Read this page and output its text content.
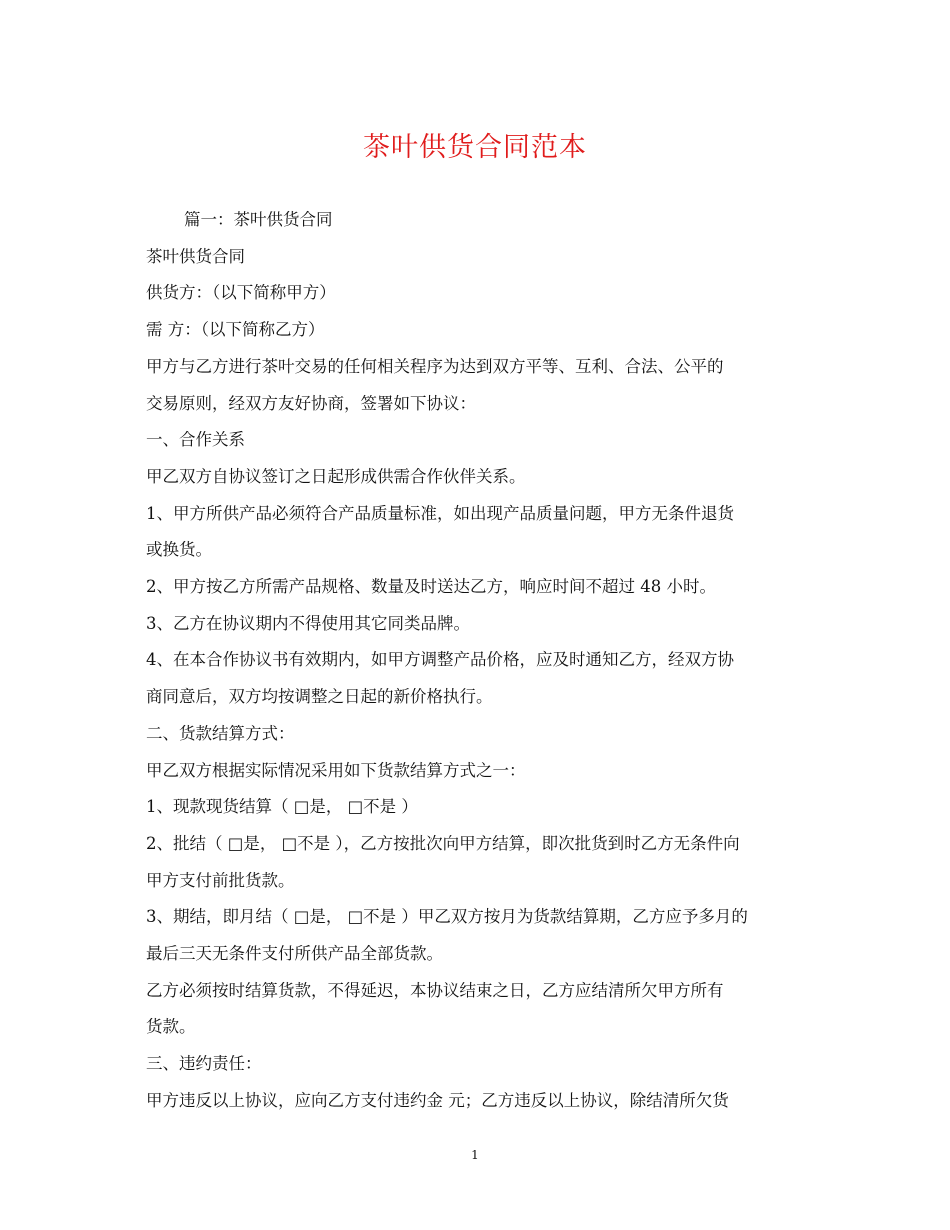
茶叶供货合同范本

篇一：茶叶供货合同

茶叶供货合同

供货方：（以下简称甲方）

需 方：（以下简称乙方）

甲方与乙方进行茶叶交易的任何相关程序为达到双方平等、互利、合法、公平的

交易原则，经双方友好协商，签署如下协议：

一、合作关系

甲乙双方自协议签订之日起形成供需合作伙伴关系。

1、甲方所供产品必须符合产品质量标准，如出现产品质量问题，甲方无条件退货

或换货。

2、甲方按乙方所需产品规格、数量及时送达乙方，响应时间不超过 48 小时。

3、乙方在协议期内不得使用其它同类品牌。

4、在本合作协议书有效期内，如甲方调整产品价格，应及时通知乙方，经双方协

商同意后，双方均按调整之日起的新价格执行。

二、货款结算方式：

甲乙双方根据实际情况采用如下货款结算方式之一：

1、现款现货结算（ □是， □不是 ）

2、批结（ □是， □不是 ），乙方按批次向甲方结算，即次批货到时乙方无条件向

甲方支付前批货款。

3、期结，即月结（ □是， □不是 ）甲乙双方按月为货款结算期，乙方应予多月的

最后三天无条件支付所供产品全部货款。

乙方必须按时结算货款，不得延迟，本协议结束之日，乙方应结清所欠甲方所有

货款。

三、违约责任：

甲方违反以上协议，应向乙方支付违约金 元；乙方违反以上协议，除结清所欠货

1
